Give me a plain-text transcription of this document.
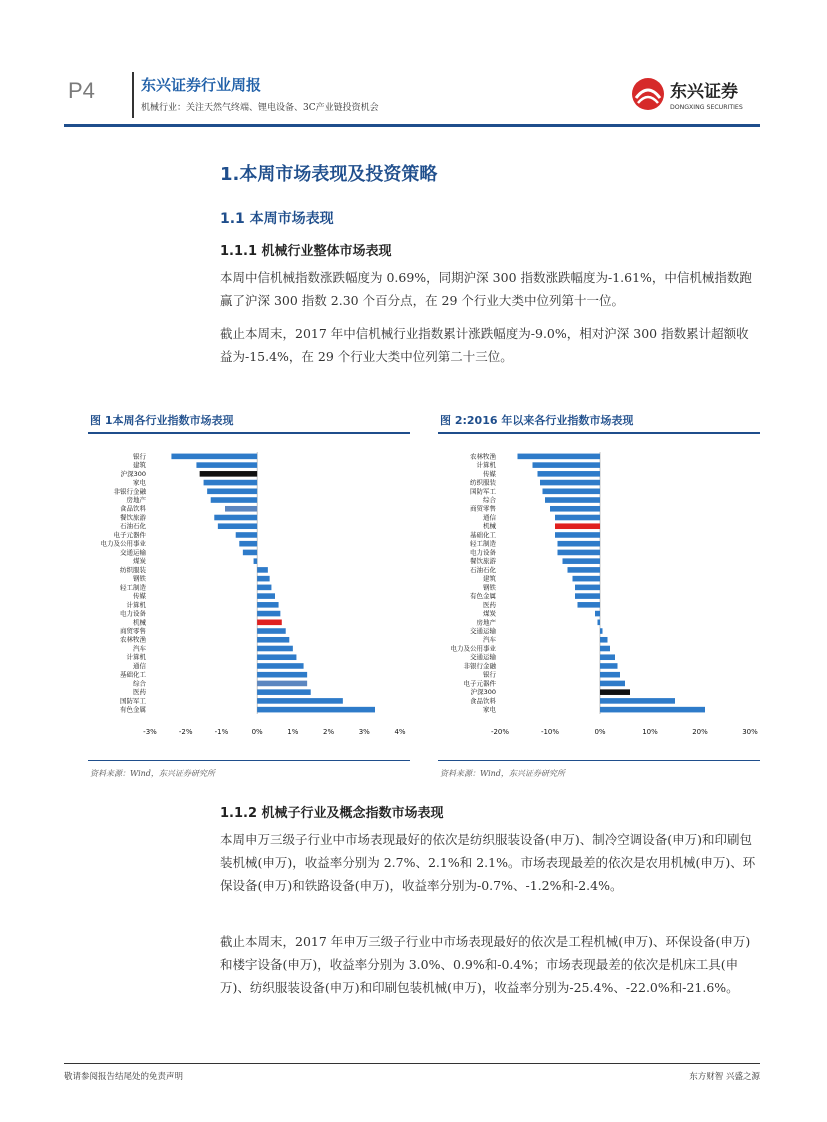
P4	东兴证券行业周报
机械行业：关注天然气终端、锂电设备、3C产业链投资机会
东兴证券
DONGXING SECURITIES
1.本周市场表现及投资策略
1.1 本周市场表现
1.1.1 机械行业整体市场表现
本周中信机械指数涨跌幅度为 0.69%，同期沪深 300 指数涨跌幅度为-1.61%，中信机械指数跑赢了沪深 300 指数 2.30 个百分点，在 29 个行业大类中位列第十一位。
截止本周末，2017 年中信机械行业指数累计涨跌幅度为-9.0%，相对沪深 300 指数累计超额收益为-15.4%，在 29 个行业大类中位列第二十三位。
图 1本周各行业指数市场表现
银行
建筑
沪深300
家电
非银行金融
房地产
食品饮料
餐饮旅游
石油石化
电子元器件
电力及公用事业
交通运输
煤炭
纺织服装
钢铁
轻工制造
传媒
计算机
电力设备
机械
商贸零售
农林牧渔
汽车
计算机
通信
基础化工
综合
医药
国防军工
有色金属
-3%	-2%	-1%	0%	1%	2%	3%	4%
资料来源：Wind，东兴证券研究所
图 2:2016 年以来各行业指数市场表现
农林牧渔
计算机
传媒
纺织服装
国防军工
综合
商贸零售
通信
机械
基础化工
轻工制造
电力设备
餐饮旅游
石油石化
建筑
钢铁
有色金属
医药
煤炭
房地产
交通运输
汽车
电力及公用事业
交通运输
非银行金融
银行
电子元器件
沪深300
食品饮料
家电
-20%	-10%	0%	10%	20%	30%
资料来源：Wind，东兴证券研究所
1.1.2 机械子行业及概念指数市场表现
本周申万三级子行业中市场表现最好的依次是纺织服装设备(申万)、制冷空调设备(申万)和印刷包装机械(申万)，收益率分别为 2.7%、2.1%和 2.1%。市场表现最差的依次是农用机械(申万)、环保设备(申万)和铁路设备(申万)，收益率分别为-0.7%、-1.2%和-2.4%。
截止本周末，2017 年申万三级子行业中市场表现最好的依次是工程机械(申万)、环保设备(申万)和楼宇设备(申万)，收益率分别为 3.0%、0.9%和-0.4%；市场表现最差的依次是机床工具(申万)、纺织服装设备(申万)和印刷包装机械(申万)，收益率分别为-25.4%、-22.0%和-21.6%。
敬请参阅报告结尾处的免责声明	东方财智 兴盛之源
